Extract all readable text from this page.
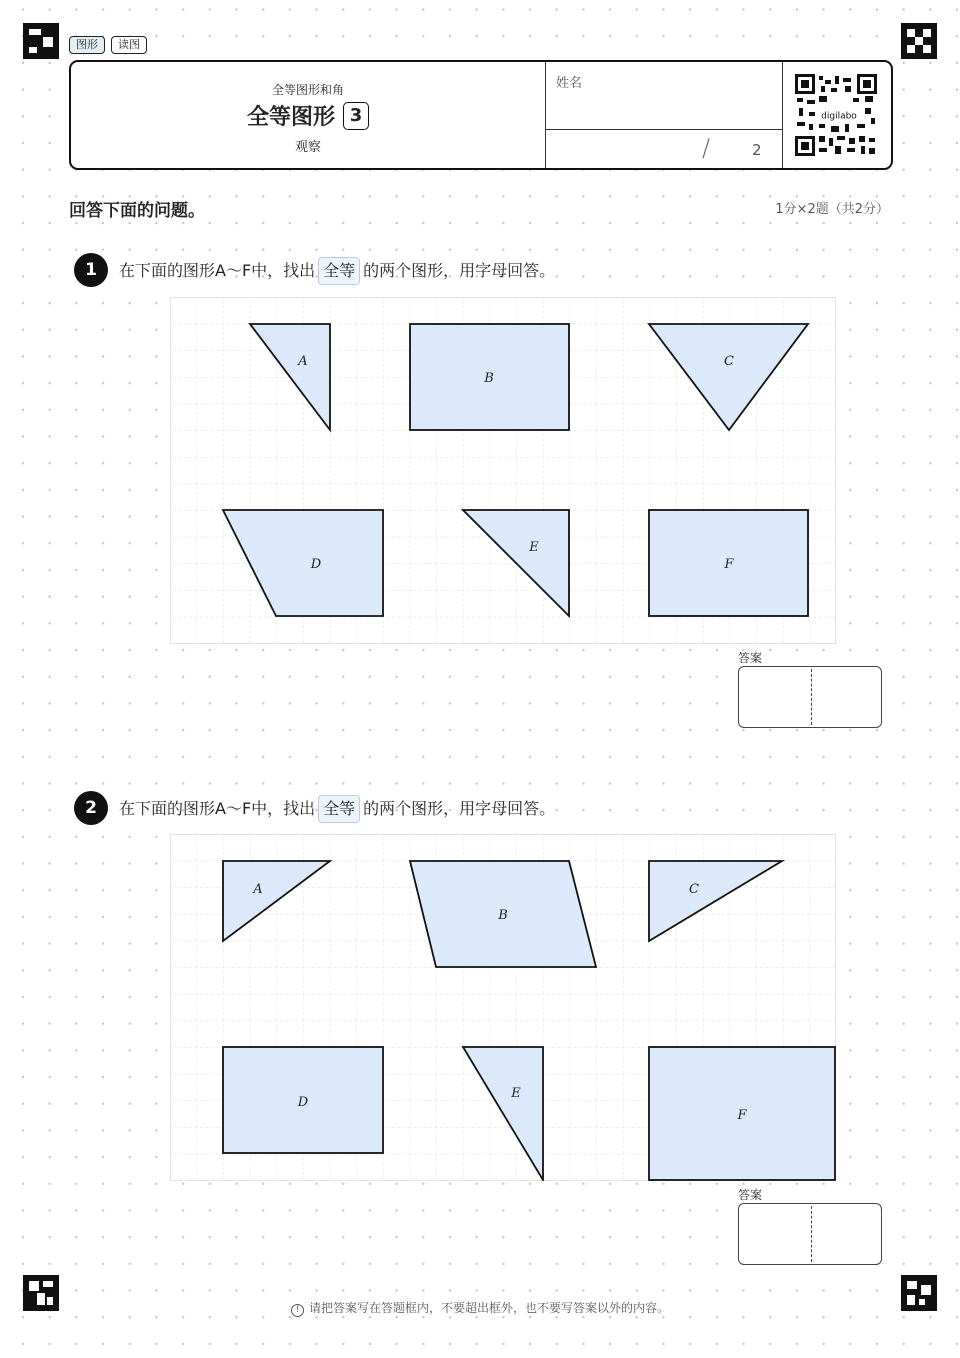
图形	读图
全等图形和角
全等图形 3
观察
姓名
/	2
digilabo
回答下面的问题。	1分×2题（共2分）
1	在下面的图形A～F中，找出 全等 的两个图形，用字母回答。
A
B
C
D
E
F
答案
2	在下面的图形A～F中，找出 全等 的两个图形，用字母回答。
A
B
C
D
E
F
答案
! 请把答案写在答题框内，不要超出框外，也不要写答案以外的内容。
